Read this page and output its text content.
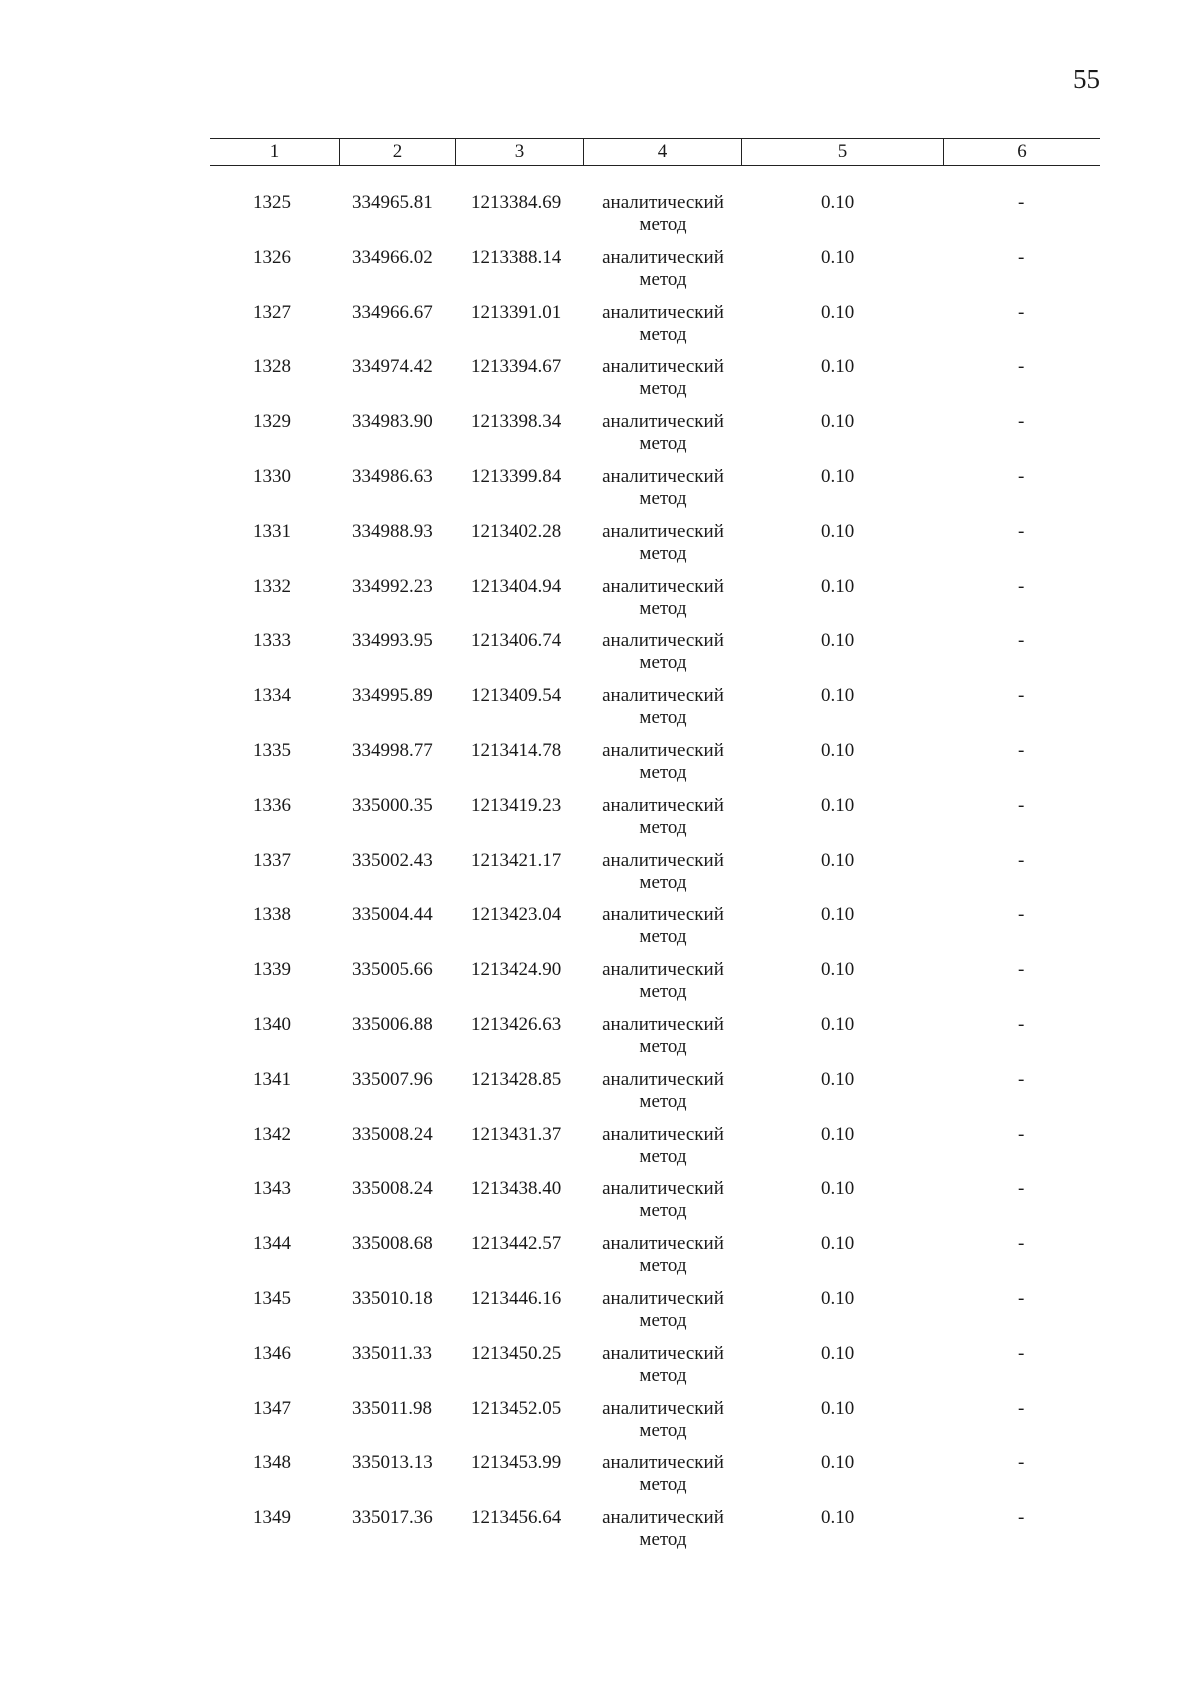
55
1	2	3	4	5	6
1325	334965.81 1213384.69	аналитический
метод
0.10	-
1326	334966.02 1213388.14	аналитический
метод
0.10	-
1327	334966.67 1213391.01	аналитический
метод
0.10	-
1328	334974.42 1213394.67	аналитический
метод
0.10	-
1329	334983.90 1213398.34	аналитический
метод
0.10	-
1330	334986.63 1213399.84	аналитический
метод
0.10	-
1331	334988.93 1213402.28	аналитический
метод
0.10	-
1332	334992.23 1213404.94	аналитический
метод
0.10	-
1333	334993.95 1213406.74	аналитический
метод
0.10	-
1334	334995.89 1213409.54	аналитический
метод
0.10	-
1335	334998.77 1213414.78	аналитический
метод
0.10	-
1336	335000.35 1213419.23	аналитический
метод
0.10	-
1337	335002.43 1213421.17	аналитический
метод
0.10	-
1338	335004.44 1213423.04	аналитический
метод
0.10	-
1339	335005.66 1213424.90	аналитический
метод
0.10	-
1340	335006.88 1213426.63	аналитический
метод
0.10	-
1341	335007.96 1213428.85	аналитический
метод
0.10	-
1342	335008.24 1213431.37	аналитический
метод
0.10	-
1343	335008.24 1213438.40	аналитический
метод
0.10	-
1344	335008.68 1213442.57	аналитический
метод
0.10	-
1345	335010.18 1213446.16	аналитический
метод
0.10	-
1346	335011.33 1213450.25	аналитический
метод
0.10	-
1347	335011.98 1213452.05	аналитический
метод
0.10	-
1348	335013.13 1213453.99	аналитический
метод
0.10	-
1349	335017.36 1213456.64	аналитический
метод
0.10	-
